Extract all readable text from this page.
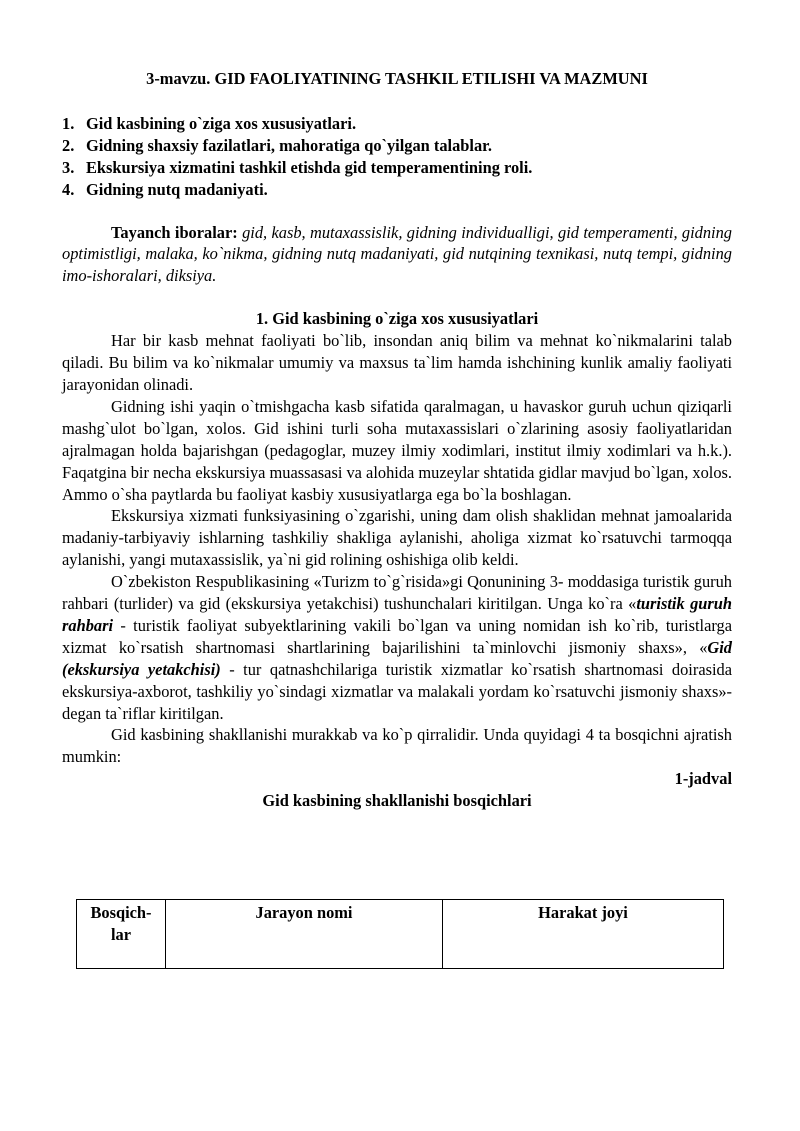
3-mavzu. GID FAOLIYATINING TASHKIL ETILISHI VA MAZMUNI
1. Gid kasbining o`ziga xos xususiyatlari.
2. Gidning shaxsiy fazilatlari, mahoratiga qo`yilgan talablar.
3. Ekskursiya xizmatini tashkil etishda gid temperamentining roli.
4. Gidning nutq madaniyati.

Tayanch iboralar: gid, kasb, mutaxassislik, gidning individualligi, gid temperamenti, gidning optimistligi, malaka, ko`nikma, gidning nutq madaniyati, gid nutqining texnikasi, nutq tempi, gidning imo-ishoralari, diksiya.

1. Gid kasbining o`ziga xos xususiyatlari

Har bir kasb mehnat faoliyati bo`lib, insondan aniq bilim va mehnat ko`nikmalarini talab qiladi. Bu bilim va ko`nikmalar umumiy va maxsus ta`lim hamda ishchining kunlik amaliy faoliyati jarayonidan olinadi.

Gidning ishi yaqin o`tmishgacha kasb sifatida qaralmagan, u havaskor guruh uchun qiziqarli mashg`ulot bo`lgan, xolos. Gid ishini turli soha mutaxassislari o`zlarining asosiy faoliyatlaridan ajralmagan holda bajarishgan (pedagoglar, muzey ilmiy xodimlari, institut ilmiy xodimlari va h.k.). Faqatgina bir necha ekskursiya muassasasi va alohida muzeylar shtatida gidlar mavjud bo`lgan, xolos. Ammo o`sha paytlarda bu faoliyat kasbiy xususiyatlarga ega bo`la boshlagan.

Ekskursiya xizmati funksiyasining o`zgarishi, uning dam olish shaklidan mehnat jamoalarida madaniy-tarbiyaviy ishlarning tashkiliy shakliga aylanishi, aholiga xizmat ko`rsatuvchi tarmoqqa aylanishi, yangi mutaxassislik, ya`ni gid rolining oshishiga olib keldi.

O`zbekiston Respublikasining «Turizm to`g`risida»gi Qonunining 3- moddasiga turistik guruh rahbari (turlider) va gid (ekskursiya yetakchisi) tushunchalari kiritilgan. Unga ko`ra «turistik guruh rahbari - turistik faoliyat subyektlarining vakili bo`lgan va uning nomidan ish ko`rib, turistlarga xizmat ko`rsatish shartnomasi shartlarining bajarilishini ta`minlovchi jismoniy shaxs», «Gid (ekskursiya yetakchisi) - tur qatnashchilariga turistik xizmatlar ko`rsatish shartnomasi doirasida ekskursiya-axborot, tashkiliy yo`sindagi xizmatlar va malakali yordam ko`rsatuvchi jismoniy shaxs»-degan ta`riflar kiritilgan.

Gid kasbining shakllanishi murakkab va ko`p qirralidir. Unda quyidagi 4 ta bosqichni ajratish mumkin:

1-jadval
Gid kasbining shakllanishi bosqichlari
Bosqich-lar	Jarayon nomi	Harakat joyi
